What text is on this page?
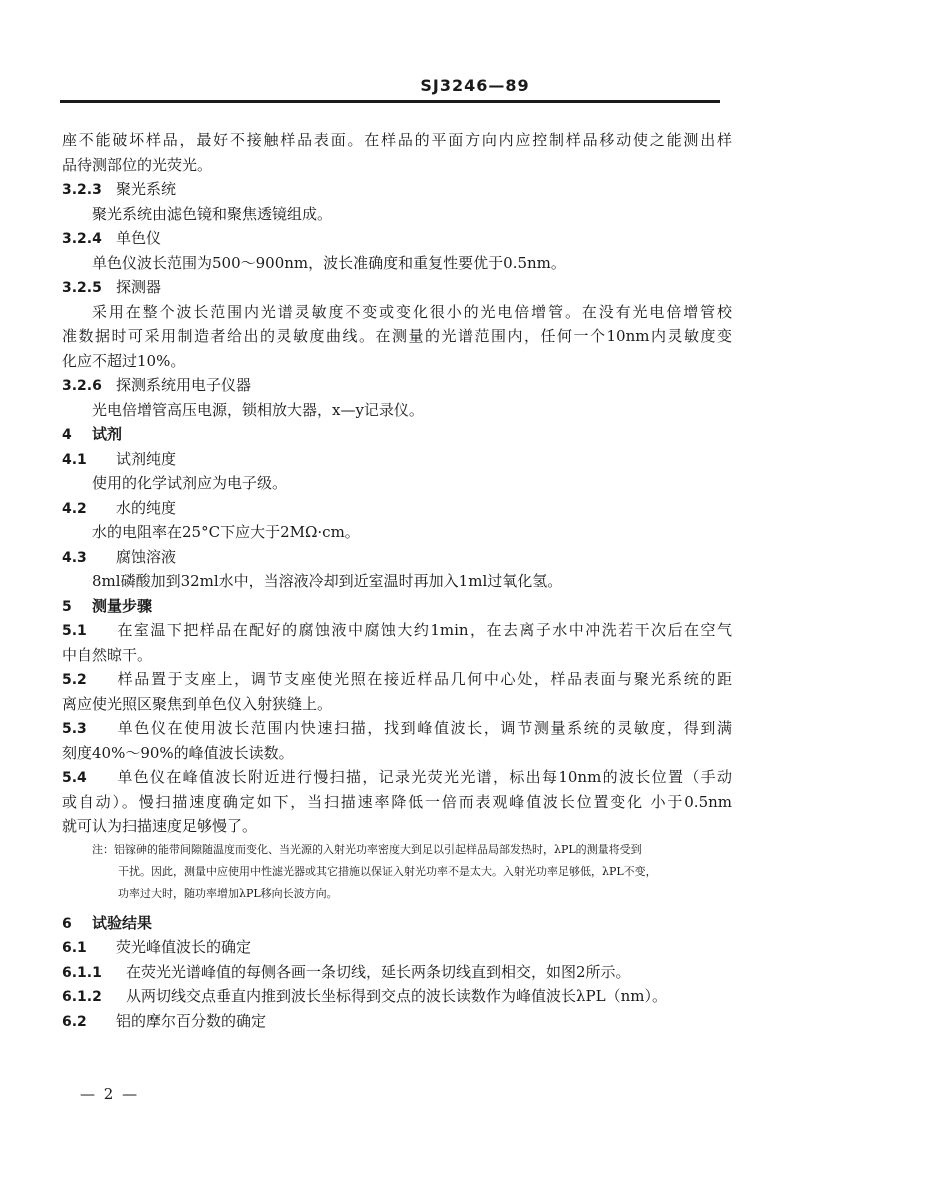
SJ3246—89
座不能破坏样品，最好不接触样品表面。在样品的平面方向内应控制样品移动使之能测出样
品待测部位的光荧光。
3.2.3 聚光系统
聚光系统由滤色镜和聚焦透镜组成。
3.2.4 单色仪
单色仪波长范围为500～900nm，波长准确度和重复性要优于0.5nm。
3.2.5 探测器
采用在整个波长范围内光谱灵敏度不变或变化很小的光电倍增管。在没有光电倍增管校
准数据时可采用制造者给出的灵敏度曲线。在测量的光谱范围内，任何一个10nm内灵敏度变
化应不超过10%。
3.2.6 探测系统用电子仪器
光电倍增管高压电源，锁相放大器，x—y记录仪。
4 试剂
4.1 试剂纯度
使用的化学试剂应为电子级。
4.2 水的纯度
水的电阻率在25°C下应大于2MΩ·cm。
4.3 腐蚀溶液
8ml磷酸加到32ml水中，当溶液冷却到近室温时再加入1ml过氧化氢。
5 测量步骤
5.1 在室温下把样品在配好的腐蚀液中腐蚀大约1min，在去离子水中冲洗若干次后在空气
中自然晾干。
5.2 样品置于支座上，调节支座使光照在接近样品几何中心处，样品表面与聚光系统的距
离应使光照区聚焦到单色仪入射狭缝上。
5.3 单色仪在使用波长范围内快速扫描，找到峰值波长，调节测量系统的灵敏度，得到满
刻度40%～90%的峰值波长读数。
5.4 单色仪在峰值波长附近进行慢扫描，记录光荧光光谱，标出每10nm的波长位置（手动
或自动）。慢扫描速度确定如下，当扫描速率降低一倍而表观峰值波长位置变化 小于0.5nm
就可认为扫描速度足够慢了。
注：铝镓砷的能带间隙随温度而变化、当光源的入射光功率密度大到足以引起样品局部发热时，λPL的测量将受到
干扰。因此，测量中应使用中性滤光器或其它措施以保证入射光功率不是太大。入射光功率足够低，λPL不变，
功率过大时，随功率增加λPL移向长波方向。
6 试验结果
6.1 荧光峰值波长的确定
6.1.1 在荧光光谱峰值的每侧各画一条切线，延长两条切线直到相交，如图2所示。
6.1.2 从两切线交点垂直内推到波长坐标得到交点的波长读数作为峰值波长λPL（nm）。
6.2 铝的摩尔百分数的确定
— 2 —
